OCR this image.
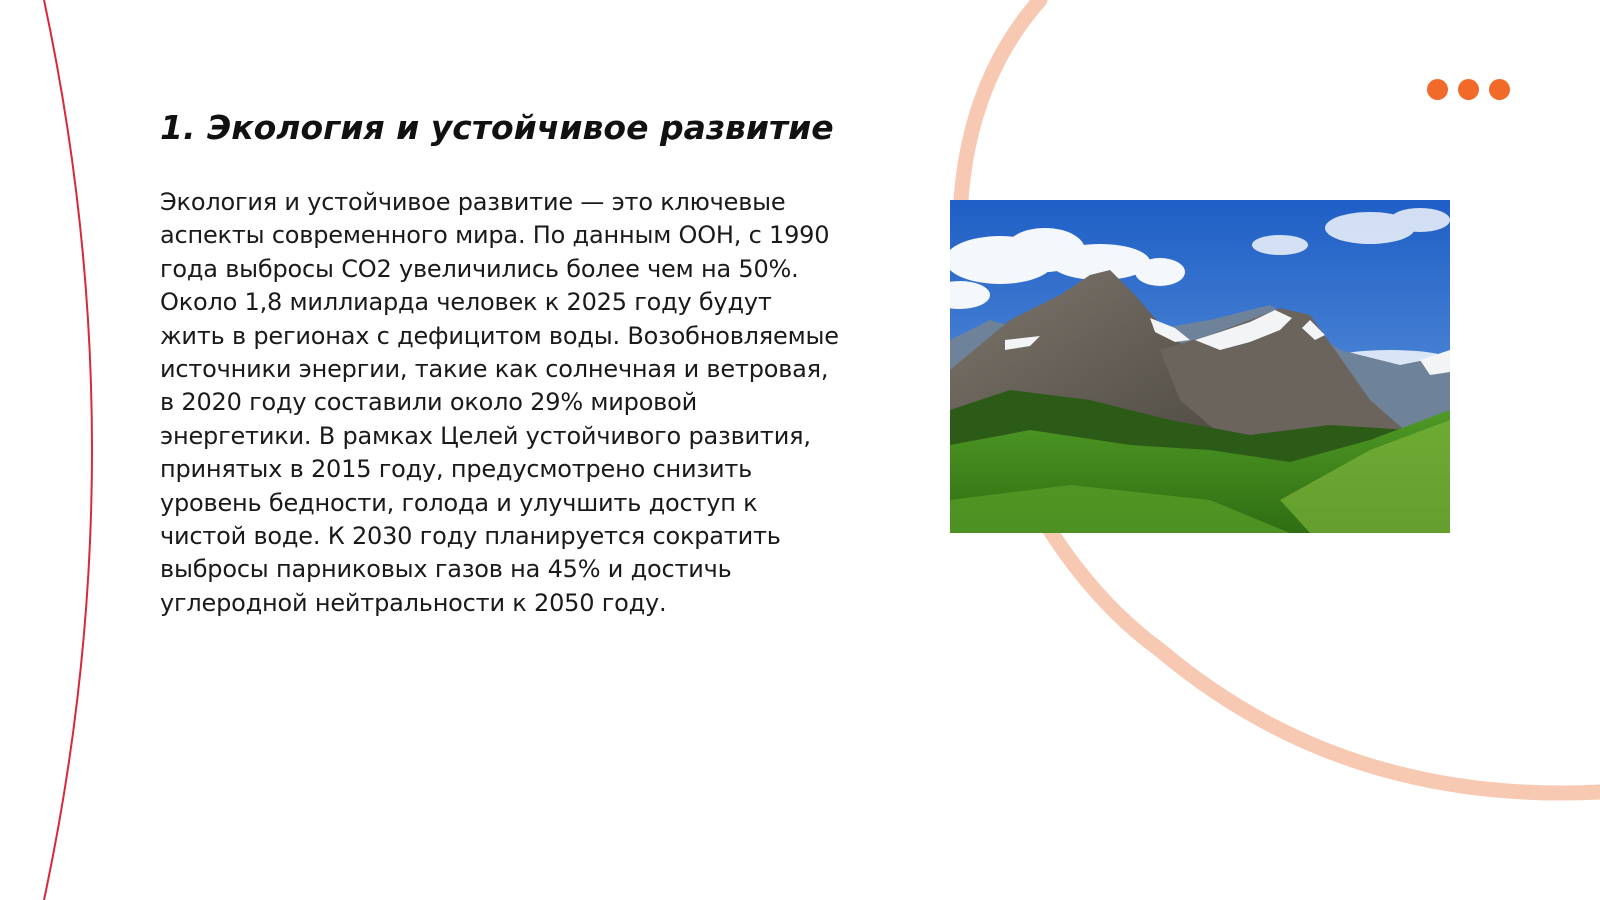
1. Экология и устойчивое развитие

Экология и устойчивое развитие — это ключевые аспекты современного мира. По данным ООН, с 1990 года выбросы CO2 увеличились более чем на 50%. Около 1,8 миллиарда человек к 2025 году будут жить в регионах с дефицитом воды. Возобновляемые источники энергии, такие как солнечная и ветровая, в 2020 году составили около 29% мировой энергетики. В рамках Целей устойчивого развития, принятых в 2015 году, предусмотрено снизить уровень бедности, голода и улучшить доступ к чистой воде. К 2030 году планируется сократить выбросы парниковых газов на 45% и достичь углеродной нейтральности к 2050 году.
